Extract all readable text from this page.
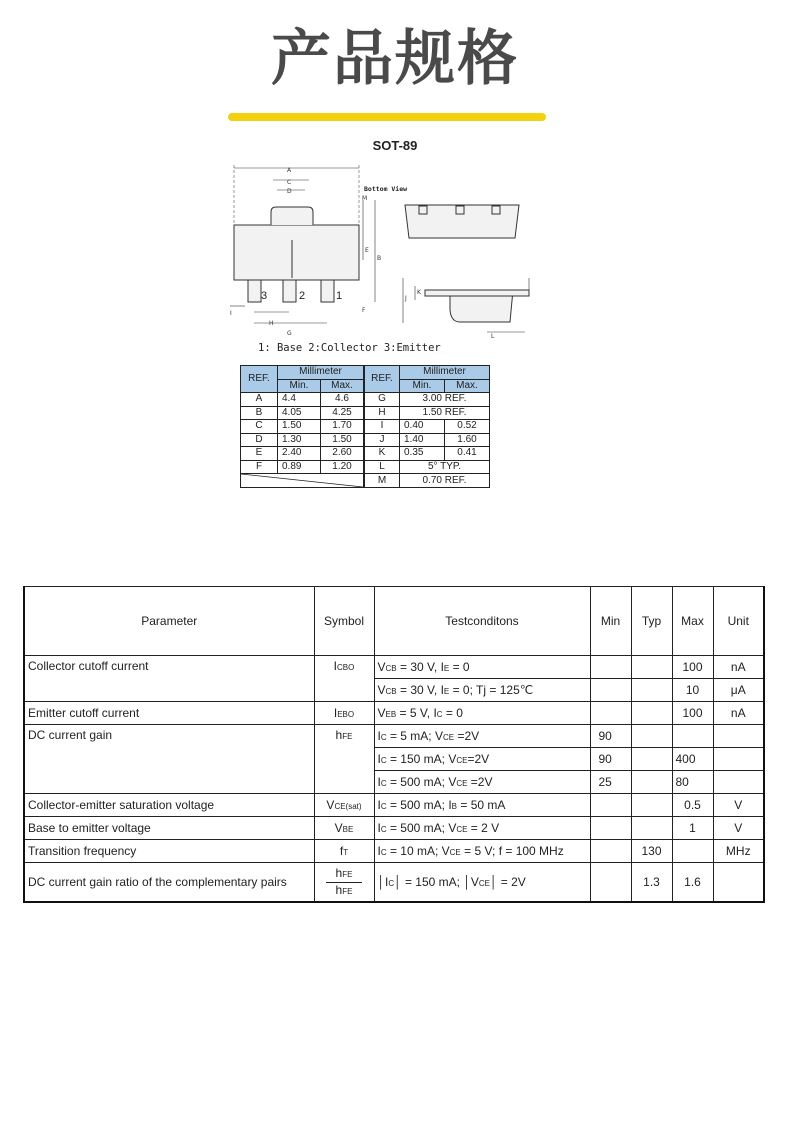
产品规格
SOT-89
A
C
D
B
E
F
G
H
I
J
K
L
M
Bottom View
3	2	1
1: Base 2:Collector 3:Emitter
REF.	Millimeter		REF.	Millimeter	
	Min.	Max.		Min.	Max.
A	4.4	4.6	G	3.00 REF.	
B	4.05	4.25	H	1.50 REF.	
C	1.50	1.70	I	0.40	0.52
D	1.30	1.50	J	1.40	1.60
E	2.40	2.60	K	0.35	0.41
F	0.89	1.20	L	5° TYP.	

	M	0.70 REF.	
Parameter	Symbol	Testconditons	Min	Typ	Max	Unit
Collector cutoff current	ICBO	VCB = 30 V, IE = 0			100	nA
		VCB = 30 V, IE = 0; Tj = 125℃			10	μA
Emitter cutoff current	IEBO	VEB = 5 V, IC = 0			100	nA
DC current gain	hFE	IC = 5 mA; VCE =2V	90			
		IC = 150 mA; VCE=2V	90		400	
		IC = 500 mA; VCE =2V	25		80	
Collector-emitter saturation voltage	VCE(sat)	IC = 500 mA; IB = 50 mA			0.5	V
Base to emitter voltage	VBE	IC = 500 mA; VCE = 2 V			1	V
Transition frequency	fT	IC = 10 mA; VCE = 5 V; f = 100 MHz		130		MHz
DC current gain ratio of the complementary pairs	$\frac{\text{hFE}}{\text{hFE}}$	│IC│ = 150 mA; │VCE│ = 2V		1.3	1.6	
